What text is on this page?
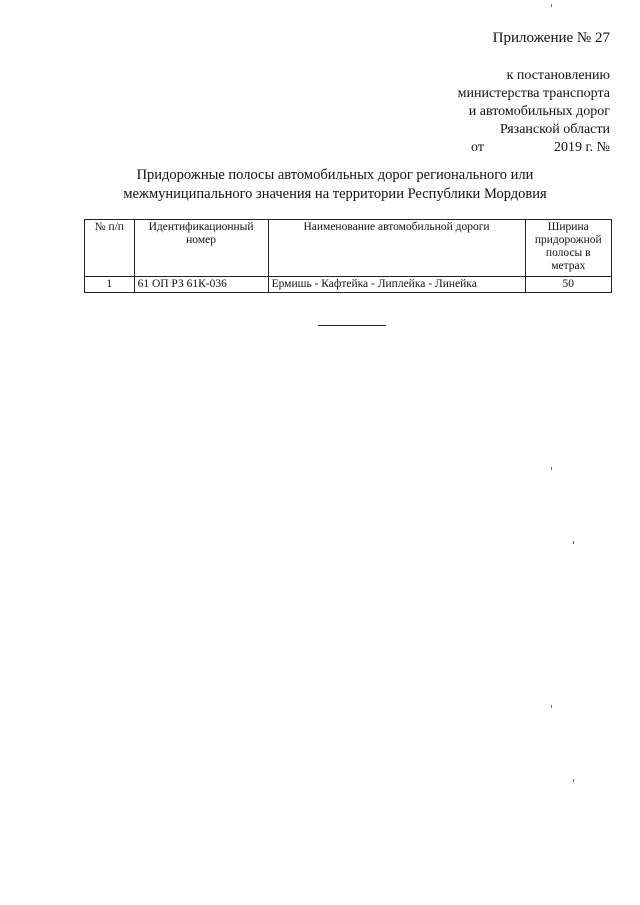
Приложение № 27
к постановлению
министерства транспорта
и автомобильных дорог
Рязанской области
от	2019 г. №
Придорожные полосы автомобильных дорог регионального или
межмуниципального значения на территории Республики Мордовия
№ п/п	Идентификационный номер	Наименование автомобильной дороги	Ширина придорожной полосы в метрах
1	61 ОП РЗ 61К-036	Ермишь - Кафтейка - Липлейка - Линейка	50
